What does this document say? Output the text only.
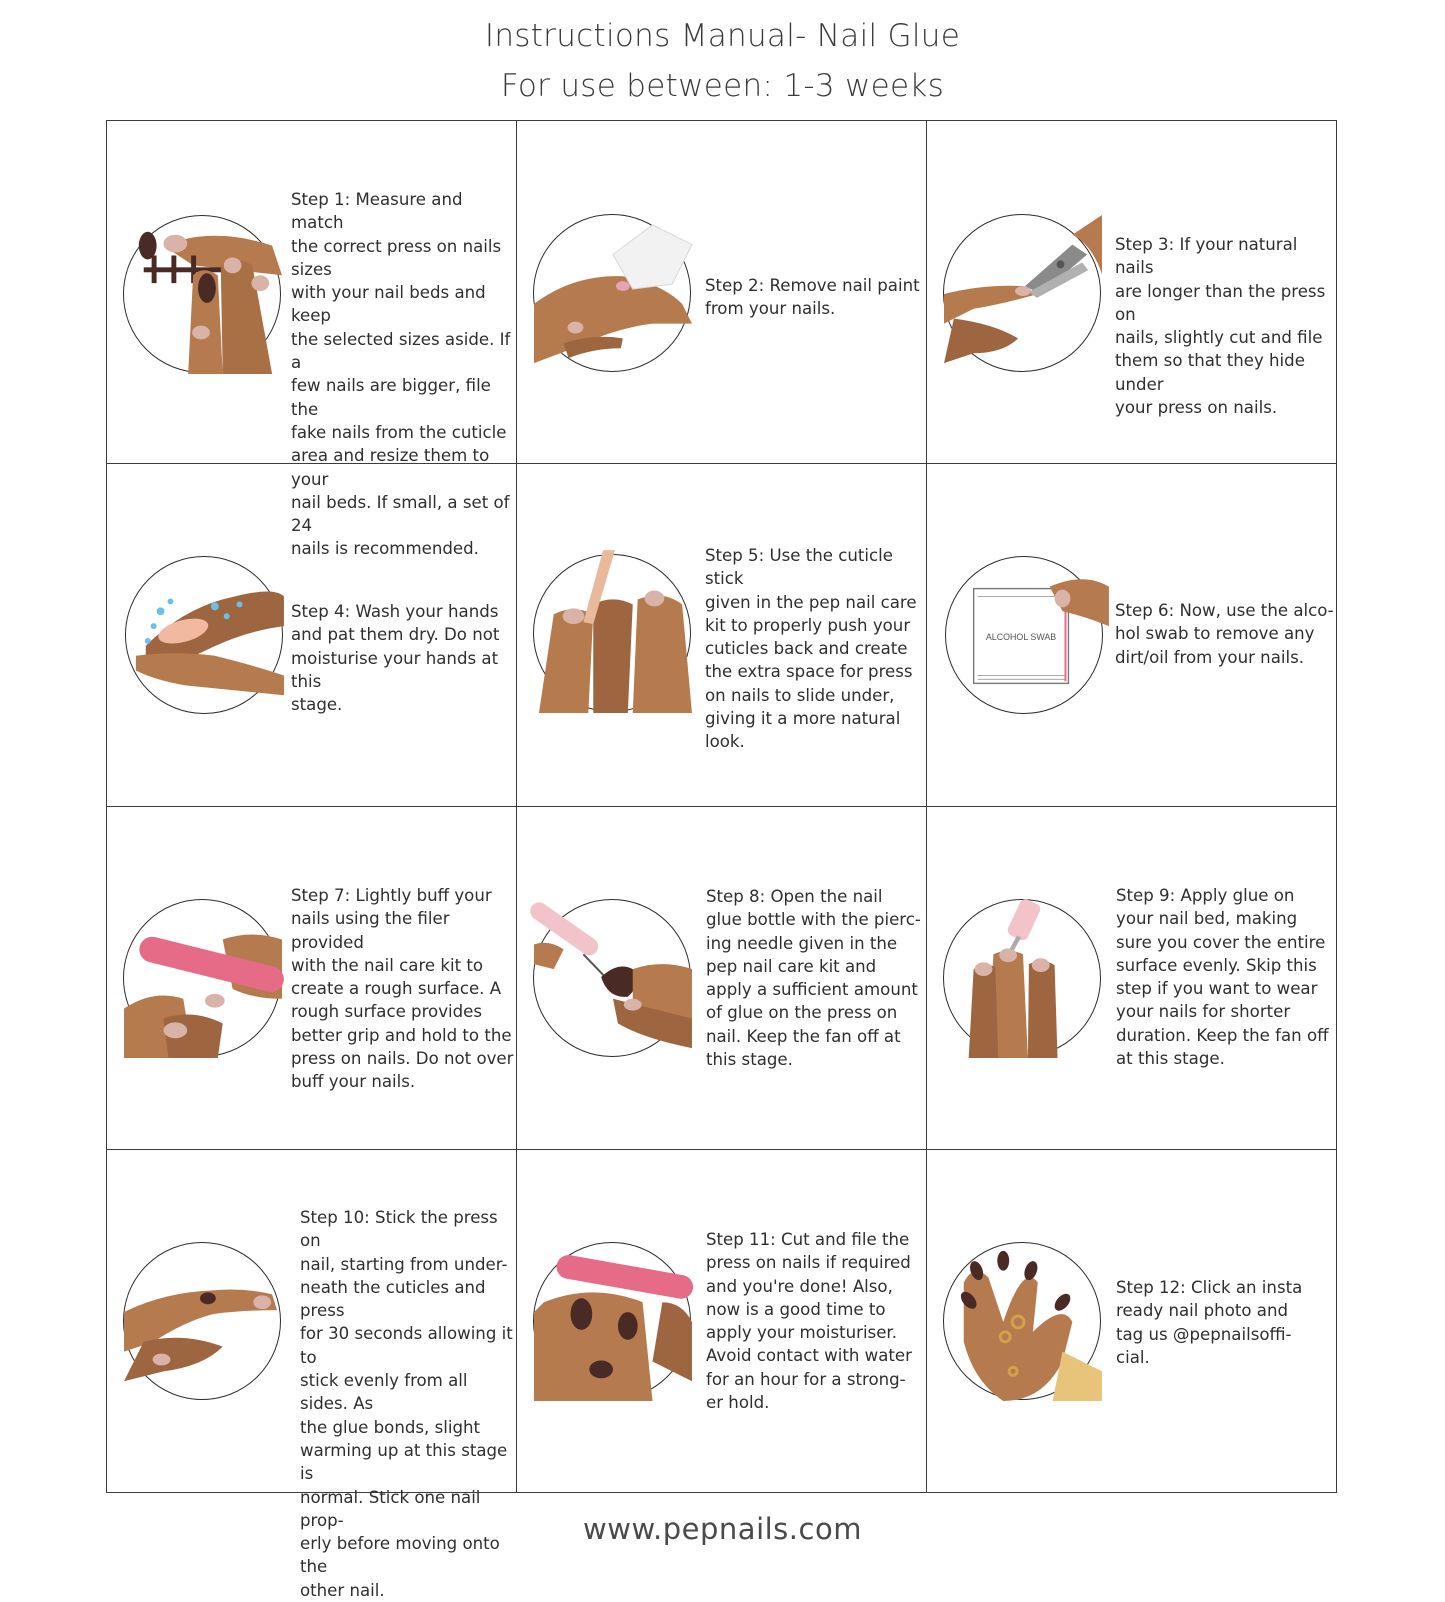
Instructions Manual- Nail Glue
For use between: 1-3 weeks
Step 1: Measure and match
the correct press on nails sizes
with your nail beds and keep
the selected sizes aside. If a
few nails are bigger, file the
fake nails from the cuticle
area and resize them to your
nail beds. If small, a set of 24
nails is recommended.
Step 2: Remove nail paint
from your nails.
Step 3: If your natural nails
are longer than the press on
nails, slightly cut and file
them so that they hide under
your press on nails.
Step 4: Wash your hands
and pat them dry. Do not
moisturise your hands at this
stage.
Step 5: Use the cuticle stick
given in the pep nail care
kit to properly push your
cuticles back and create
the extra space for press
on nails to slide under,
giving it a more natural
look.
ALCOHOL SWAB
Step 6: Now, use the alco-
hol swab to remove any
dirt/oil from your nails.
Step 7: Lightly buff your
nails using the filer provided
with the nail care kit to
create a rough surface. A
rough surface provides
better grip and hold to the
press on nails. Do not over
buff your nails.
Step 8: Open the nail
glue bottle with the pierc-
ing needle given in the
pep nail care kit and
apply a sufficient amount
of glue on the press on
nail. Keep the fan off at
this stage.
Step 9: Apply glue on
your nail bed, making
sure you cover the entire
surface evenly. Skip this
step if you want to wear
your nails for shorter
duration. Keep the fan off
at this stage.
Step 10: Stick the press on
nail, starting from under-
neath the cuticles and press
for 30 seconds allowing it to
stick evenly from all sides. As
the glue bonds, slight
warming up at this stage is
normal. Stick one nail prop-
erly before moving onto the
other nail.
Step 11: Cut and file the
press on nails if required
and you're done! Also,
now is a good time to
apply your moisturiser.
Avoid contact with water
for an hour for a strong-
er hold.
Step 12: Click an insta
ready nail photo and
tag us @pepnailsoffi-
cial.
www.pepnails.com
